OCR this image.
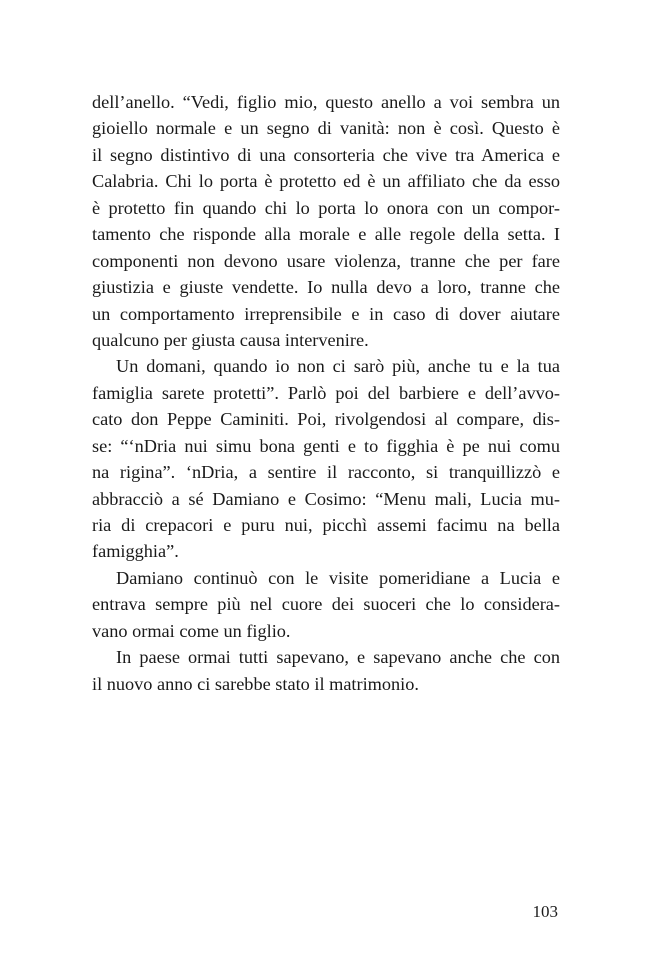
dell’anello. “Vedi, figlio mio, questo anello a voi sembra un
gioiello normale e un segno di vanità: non è così. Questo è
il segno distintivo di una consorteria che vive tra America e
Calabria. Chi lo porta è protetto ed è un affiliato che da esso
è protetto fin quando chi lo porta lo onora con un compor-
tamento che risponde alla morale e alle regole della setta. I
componenti non devono usare violenza, tranne che per fare
giustizia e giuste vendette. Io nulla devo a loro, tranne che
un comportamento irreprensibile e in caso di dover aiutare
qualcuno per giusta causa intervenire.
Un domani, quando io non ci sarò più, anche tu e la tua
famiglia sarete protetti”. Parlò poi del barbiere e dell’avvo-
cato don Peppe Caminiti. Poi, rivolgendosi al compare, dis-
se: “‘nDria nui simu bona genti e to figghia è pe nui comu
na rigina”. ‘nDria, a sentire il racconto, si tranquillizzò e
abbracciò a sé Damiano e Cosimo: “Menu mali, Lucia mu-
ria di crepacori e puru nui, picchì assemi facimu na bella
famigghia”.
Damiano continuò con le visite pomeridiane a Lucia e
entrava sempre più nel cuore dei suoceri che lo considera-
vano ormai come un figlio.
In paese ormai tutti sapevano, e sapevano anche che con
il nuovo anno ci sarebbe stato il matrimonio.
103
